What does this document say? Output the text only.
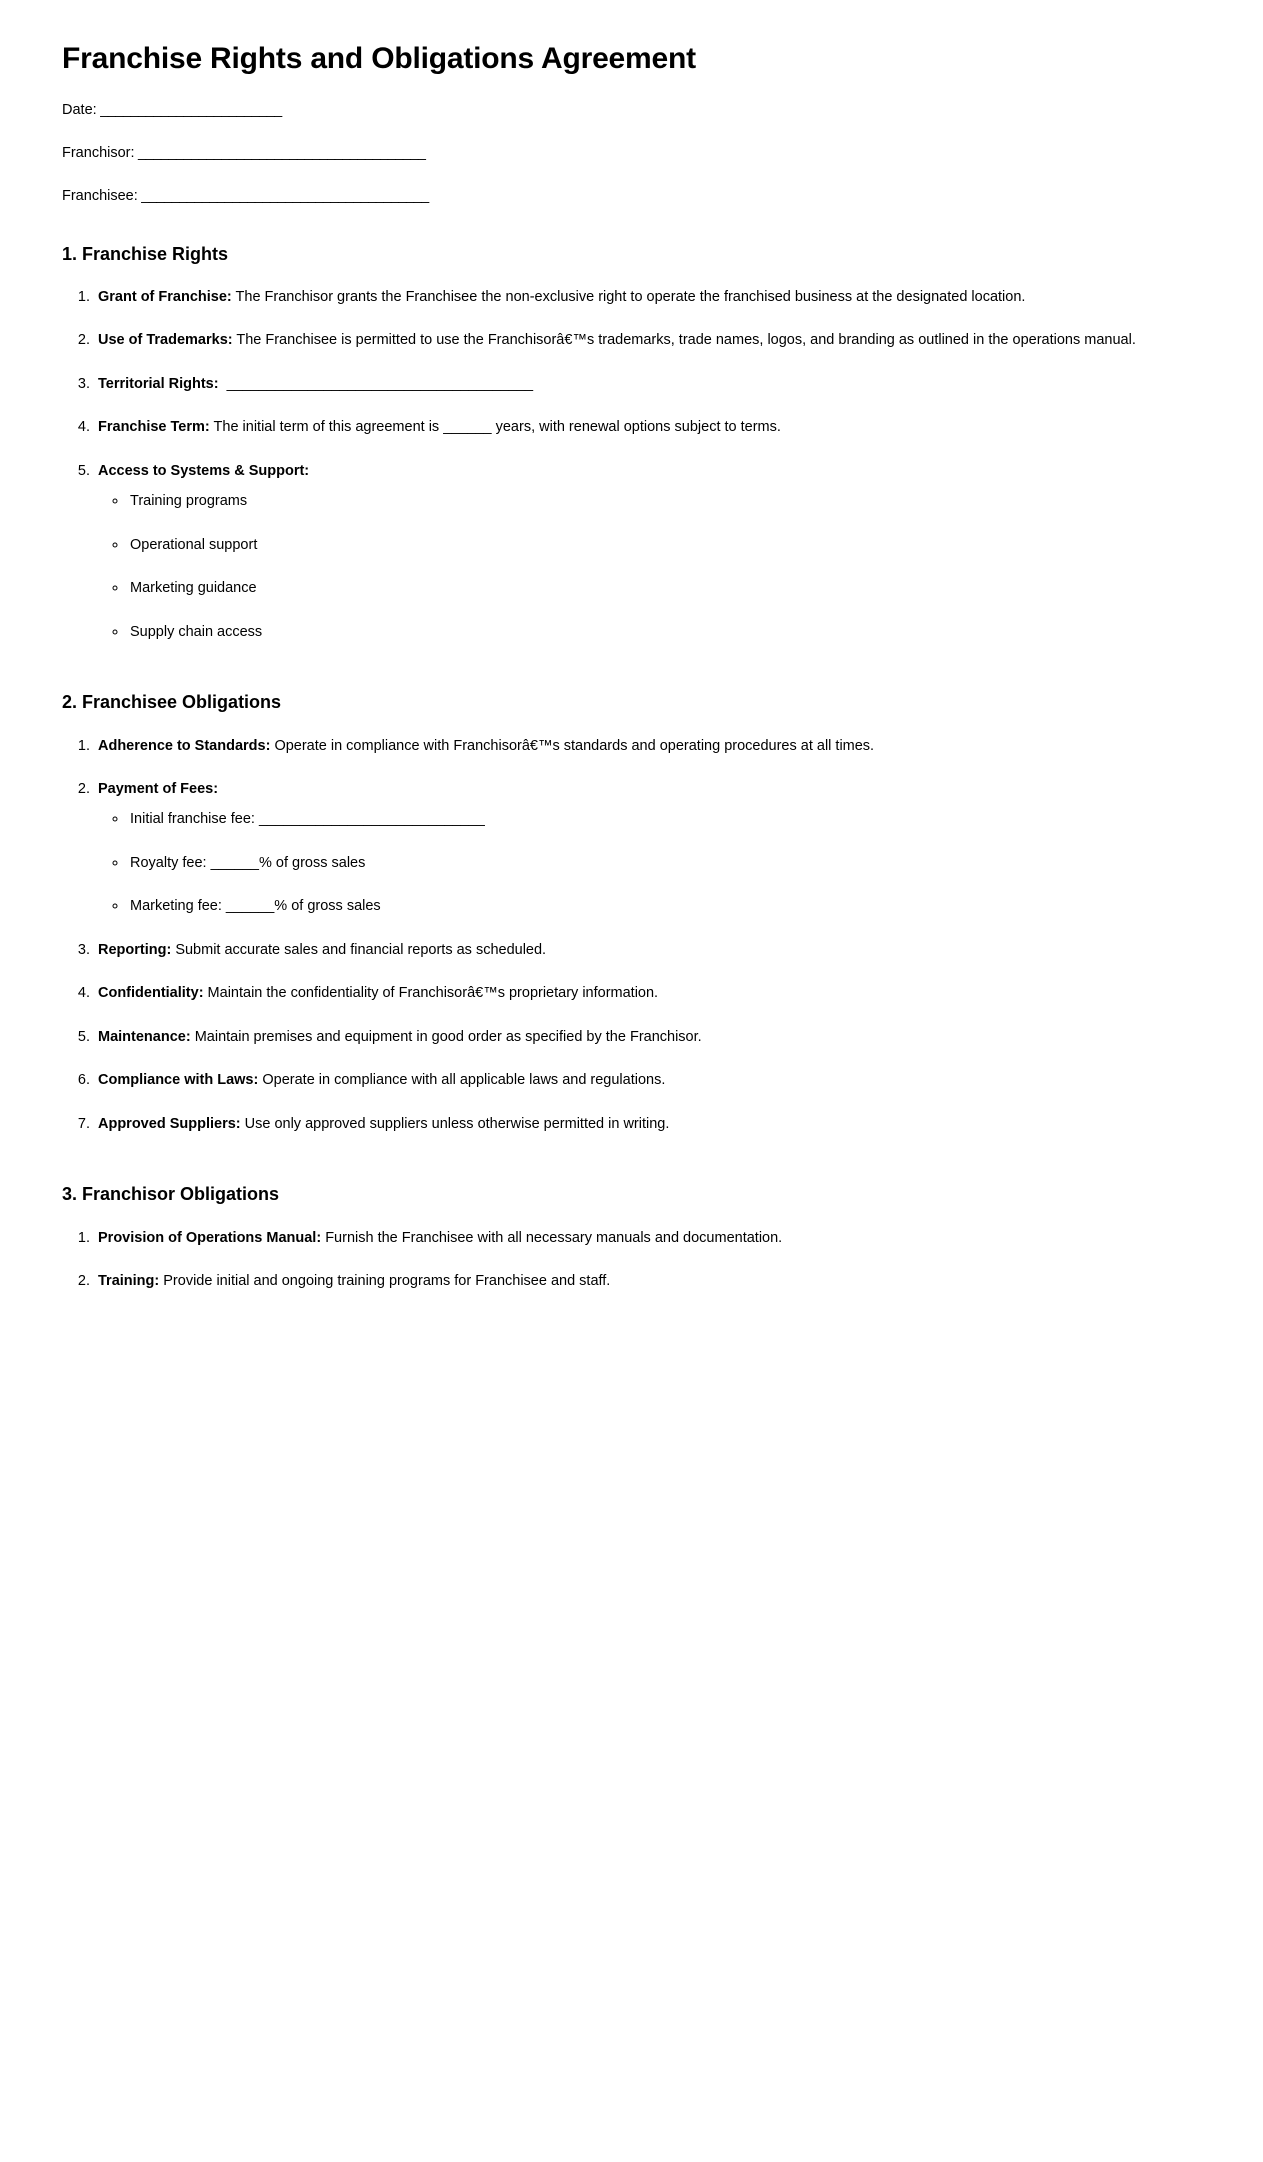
Franchise Rights and Obligations Agreement

Date: ________________________

Franchisor: ______________________________________

Franchisee: ______________________________________

1. Franchise Rights
1. Grant of Franchise: The Franchisor grants the Franchisee the non-exclusive right to operate the franchised business at the designated location.
2. Use of Trademarks: The Franchisee is permitted to use the Franchisorâ€™s trademarks, trade names, logos, and branding as outlined in the operations manual.
3. Territorial Rights:  ______________________________________
4. Franchise Term: The initial term of this agreement is ______ years, with renewal options subject to terms.
5. Access to Systems & Support:
◦ Training programs
◦ Operational support
◦ Marketing guidance
◦ Supply chain access
2. Franchisee Obligations
1. Adherence to Standards: Operate in compliance with Franchisorâ€™s standards and operating procedures at all times.
2. Payment of Fees:
◦ Initial franchise fee: ____________________________
◦ Royalty fee: ______% of gross sales
◦ Marketing fee: ______% of gross sales
3. Reporting: Submit accurate sales and financial reports as scheduled.
4. Confidentiality: Maintain the confidentiality of Franchisorâ€™s proprietary information.
5. Maintenance: Maintain premises and equipment in good order as specified by the Franchisor.
6. Compliance with Laws: Operate in compliance with all applicable laws and regulations.
7. Approved Suppliers: Use only approved suppliers unless otherwise permitted in writing.
3. Franchisor Obligations
1. Provision of Operations Manual: Furnish the Franchisee with all necessary manuals and documentation.
2. Training: Provide initial and ongoing training programs for Franchisee and staff.
